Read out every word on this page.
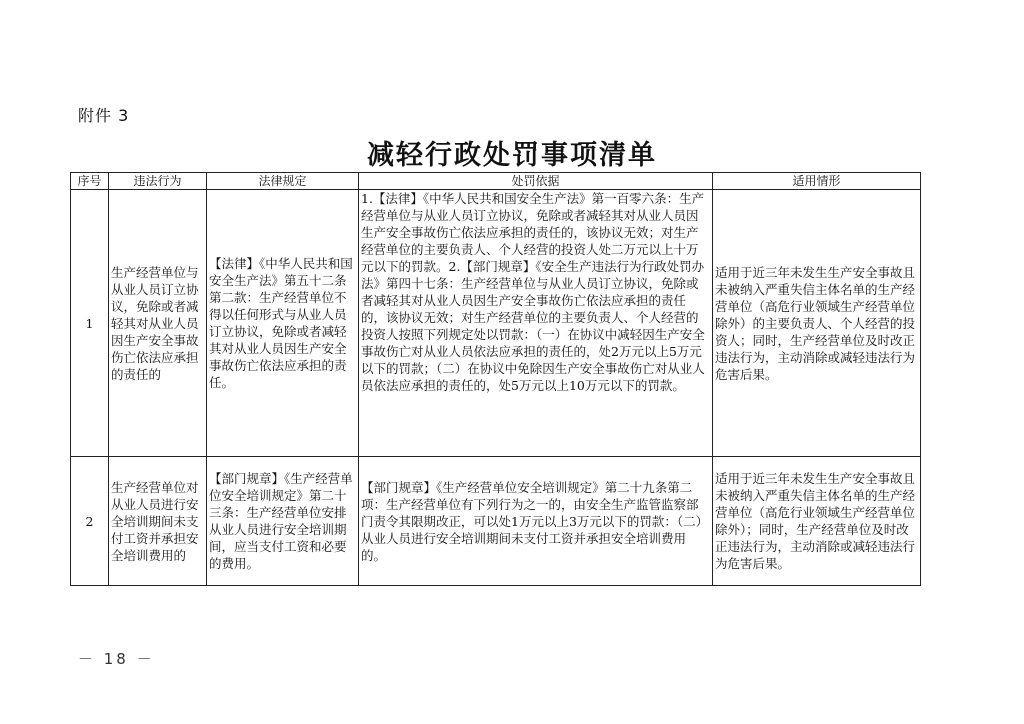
附件 3
减轻行政处罚事项清单
序号	违法行为	法律规定	处罚依据	适用情形
1	生产经营单位与从业人员订立协议，免除或者减轻其对从业人员因生产安全事故伤亡依法应承担的责任的	【法律】《中华人民共和国安全生产法》第五十二条第二款：生产经营单位不得以任何形式与从业人员订立协议，免除或者减轻其对从业人员因生产安全事故伤亡依法应承担的责任。	1.【法律】《中华人民共和国安全生产法》第一百零六条：生产经营单位与从业人员订立协议，免除或者减轻其对从业人员因生产安全事故伤亡依法应承担的责任的，该协议无效；对生产经营单位的主要负责人、个人经营的投资人处二万元以上十万元以下的罚款。2.【部门规章】《安全生产违法行为行政处罚办法》第四十七条：生产经营单位与从业人员订立协议，免除或者减轻其对从业人员因生产安全事故伤亡依法应承担的责任的，该协议无效；对生产经营单位的主要负责人、个人经营的投资人按照下列规定处以罚款：（一）在协议中减轻因生产安全事故伤亡对从业人员依法应承担的责任的，处2万元以上5万元以下的罚款；（二）在协议中免除因生产安全事故伤亡对从业人员依法应承担的责任的，处5万元以上10万元以下的罚款。	适用于近三年未发生生产安全事故且未被纳入严重失信主体名单的生产经营单位（高危行业领域生产经营单位除外）的主要负责人、个人经营的投资人；同时，生产经营单位及时改正违法行为，主动消除或减轻违法行为危害后果。
2	生产经营单位对从业人员进行安全培训期间未支付工资并承担安全培训费用的	【部门规章】《生产经营单位安全培训规定》第二十三条：生产经营单位安排从业人员进行安全培训期间，应当支付工资和必要的费用。	【部门规章】《生产经营单位安全培训规定》第二十九条第二项：生产经营单位有下列行为之一的，由安全生产监管监察部门责令其限期改正，可以处1万元以上3万元以下的罚款：（二）从业人员进行安全培训期间未支付工资并承担安全培训费用的。	适用于近三年未发生生产安全事故且未被纳入严重失信主体名单的生产经营单位（高危行业领域生产经营单位除外）；同时，生产经营单位及时改正违法行为，主动消除或减轻违法行为危害后果。
－ 18 －
